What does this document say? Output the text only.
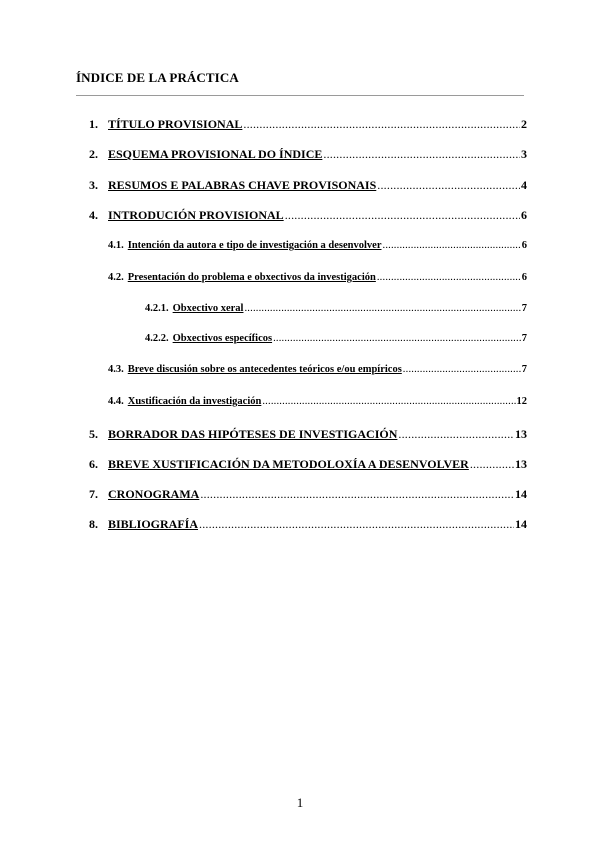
ÍNDICE DE LA PRÁCTICA
1. TÍTULO PROVISIONAL .....	2
2. ESQUEMA PROVISIONAL DO ÍNDICE .....	3
3. RESUMOS E PALABRAS CHAVE PROVISONAIS .....	4
4. INTRODUCIÓN PROVISIONAL .....	6
4.1. Intención da autora e tipo de investigación a desenvolver .....	6
4.2. Presentación do problema e obxectivos da investigación .....	6
4.2.1. Obxectivo xeral .....	7
4.2.2. Obxectivos específicos .....	7
4.3. Breve discusión sobre os antecedentes teóricos e/ou empíricos .....	7
4.4. Xustificación da investigación .....	12
5. BORRADOR DAS HIPÓTESES DE INVESTIGACIÓN .....	13
6. BREVE XUSTIFICACIÓN DA METODOLOXÍA A DESENVOLVER .....	13
7. CRONOGRAMA .....	14
8. BIBLIOGRAFÍA .....	14
1
